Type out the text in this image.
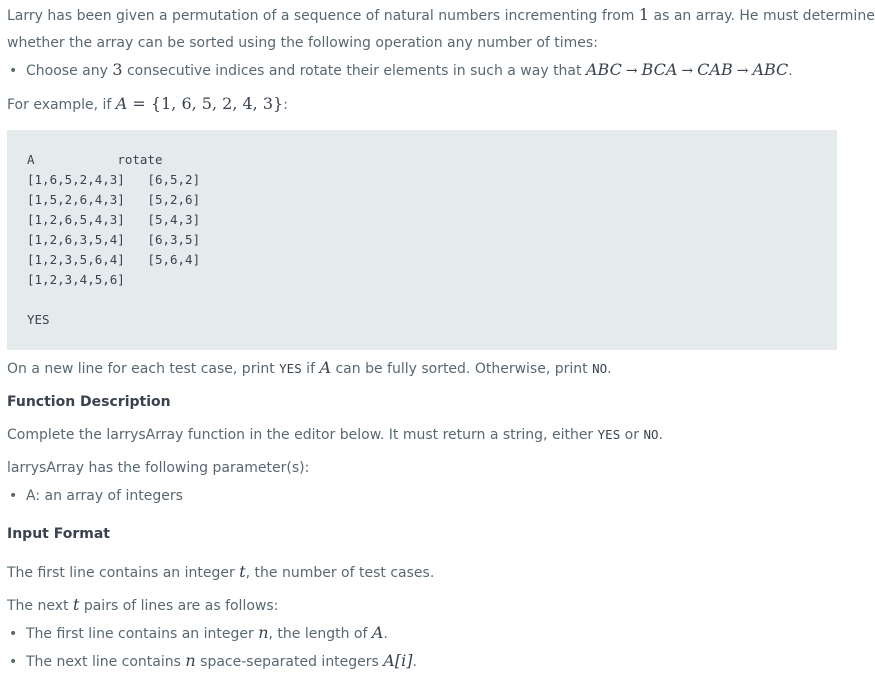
Larry has been given a permutation of a sequence of natural numbers incrementing from 1 as an array. He must determine
whether the array can be sorted using the following operation any number of times:
• Choose any 3 consecutive indices and rotate their elements in such a way that ABC → BCA → CAB → ABC.
For example, if A = {1, 6, 5, 2, 4, 3}:
A	rotate
[1,6,5,2,4,3] [6,5,2]
[1,5,2,6,4,3] [5,2,6]
[1,2,6,5,4,3] [5,4,3]
[1,2,6,3,5,4] [6,3,5]
[1,2,3,5,6,4] [5,6,4]
[1,2,3,4,5,6]

YES
On a new line for each test case, print YES if A can be fully sorted. Otherwise, print NO.
Function Description
Complete the larrysArray function in the editor below. It must return a string, either YES or NO.
larrysArray has the following parameter(s):
• A: an array of integers
Input Format
The first line contains an integer t, the number of test cases.
The next t pairs of lines are as follows:
• The first line contains an integer n, the length of A.
• The next line contains n space-separated integers A[i].
